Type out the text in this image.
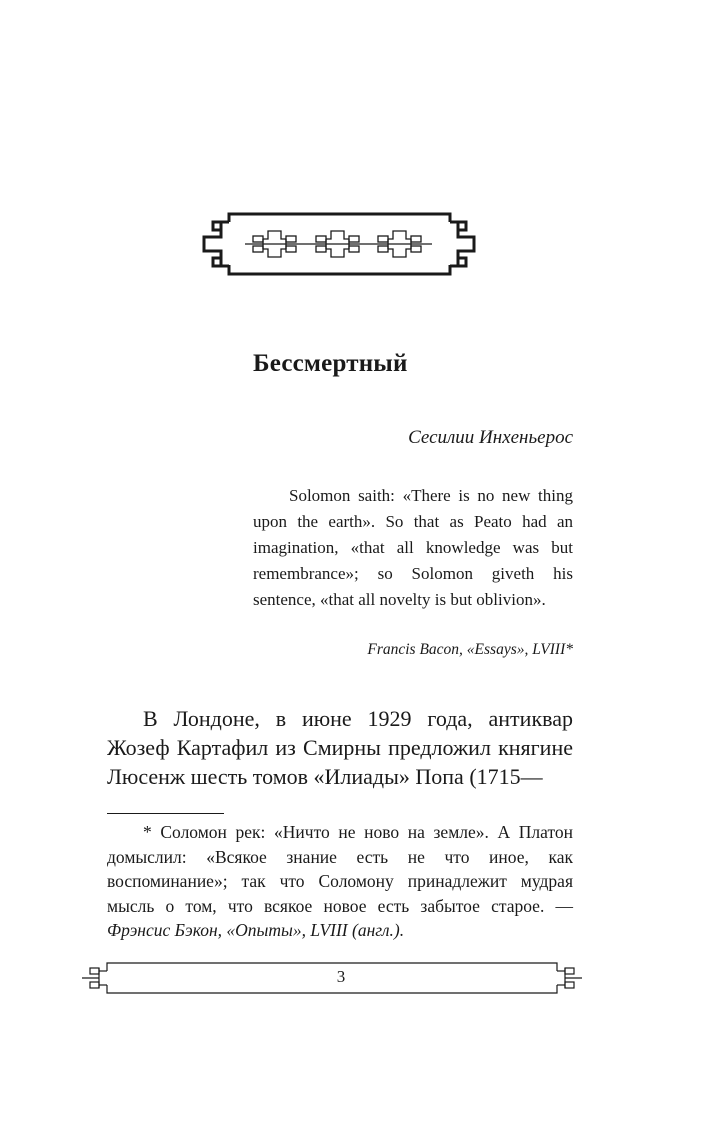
Бессмертный
Сесилии Инхеньерос

Solomon saith: «There is no new thing upon the earth». So that as Peato had an imagination, «that all knowledge was but remembrance»; so Solomon giveth his sentence, «that all novelty is but oblivion».

Francis Bacon, «Essays», LVIII*

В Лондоне, в июне 1929 года, антиквар Жозеф Картафил из Смирны предложил княгине Люсенж шесть томов «Илиады» Попа (1715—

* Соломон рек: «Ничто не ново на земле». А Платон домыслил: «Всякое знание есть не что иное, как воспоминание»; так что Соломону принадлежит мудрая мысль о том, что всякое новое есть забытое старое. — Фрэнсис Бэкон, «Опыты», LVIII (англ.).

3
